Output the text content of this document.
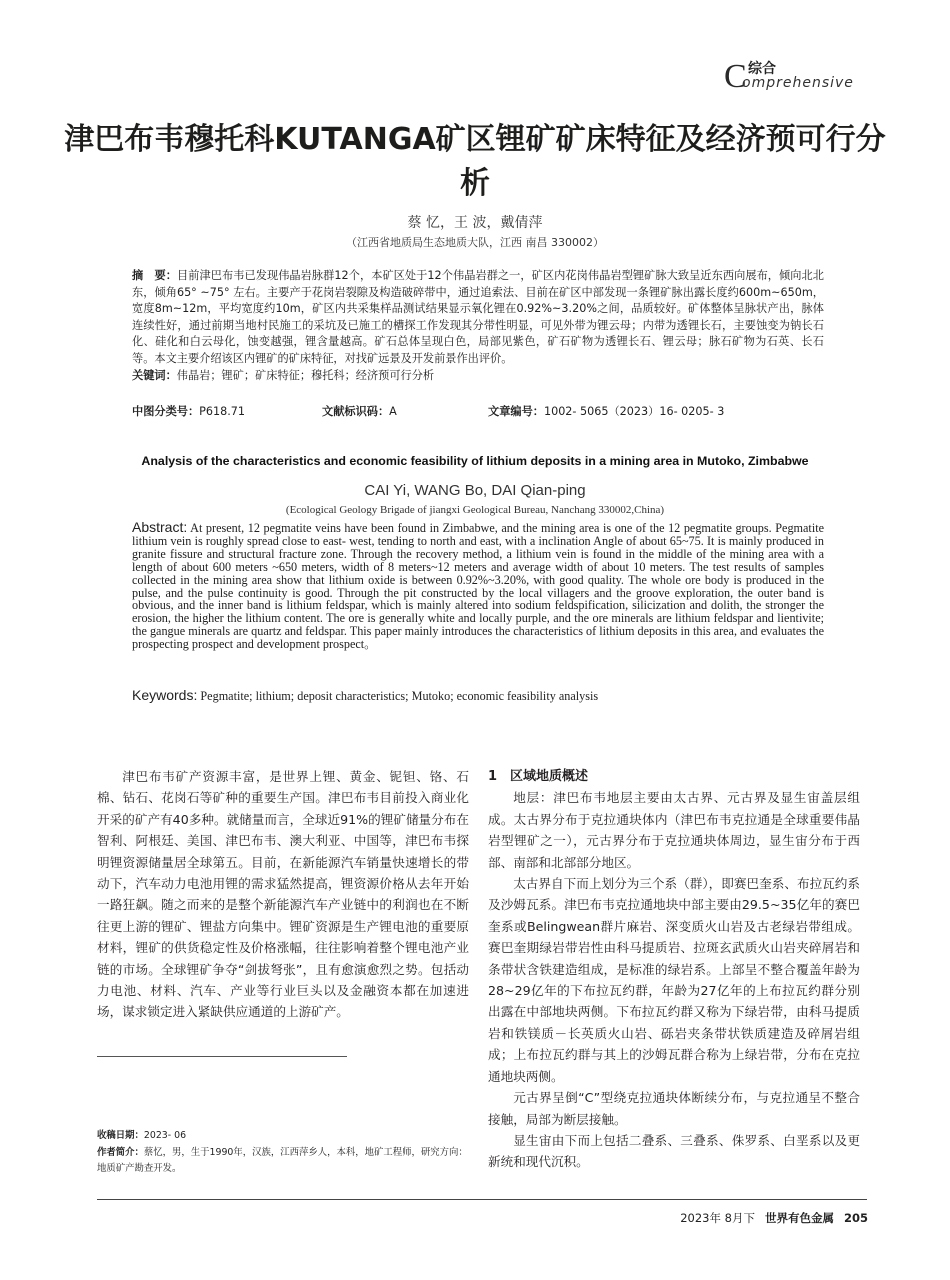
C 综合
omprehensive
津巴布韦穆托科KUTANGA矿区锂矿矿床特征及经济预可行分析
蔡 忆，王 波，戴倩萍
（江西省地质局生态地质大队，江西 南昌 330002）

摘　要：目前津巴布韦已发现伟晶岩脉群12个，本矿区处于12个伟晶岩群之一，矿区内花岗伟晶岩型锂矿脉大致呈近东西向展布，倾向北北东，倾角65° ~75° 左右。主要产于花岗岩裂隙及构造破碎带中，通过追索法、目前在矿区中部发现一条锂矿脉出露长度约600m~650m，宽度8m~12m，平均宽度约10m，矿区内共采集样品测试结果显示氧化锂在0.92%~3.20%之间，品质较好。矿体整体呈脉状产出，脉体连续性好，通过前期当地村民施工的采坑及已施工的槽探工作发现其分带性明显，可见外带为锂云母；内带为透锂长石，主要蚀变为钠长石化、硅化和白云母化，蚀变越强，锂含量越高。矿石总体呈现白色，局部见紫色，矿石矿物为透锂长石、锂云母；脉石矿物为石英、长石等。本文主要介绍该区内锂矿的矿床特征，对找矿远景及开发前景作出评价。

关键词：伟晶岩；锂矿；矿床特征；穆托科；经济预可行分析

中图分类号：P618.71	文献标识码：A	文章编号：1002- 5065（2023）16- 0205- 3
Analysis of the characteristics and economic feasibility of lithium deposits in a mining area in Mutoko, Zimbabwe
CAI Yi, WANG Bo, DAI Qian-ping
(Ecological Geology Brigade of jiangxi Geological Bureau, Nanchang 330002,China)
Abstract: At present, 12 pegmatite veins have been found in Zimbabwe, and the mining area is one of the 12 pegmatite groups. Pegmatite lithium vein is roughly spread close to east- west, tending to north and east, with a inclination Angle of about 65~75. It is mainly produced in granite fissure and structural fracture zone. Through the recovery method, a lithium vein is found in the middle of the mining area with a length of about 600 meters ~650 meters, width of 8 meters~12 meters and average width of about 10 meters. The test results of samples collected in the mining area show that lithium oxide is between 0.92%~3.20%, with good quality. The whole ore body is produced in the pulse, and the pulse continuity is good. Through the pit constructed by the local villagers and the groove exploration, the outer band is obvious, and the inner band is lithium feldspar, which is mainly altered into sodium feldspification, silicization and dolith, the stronger the erosion, the higher the lithium content. The ore is generally white and locally purple, and the ore minerals are lithium feldspar and lientivite; the gangue minerals are quartz and feldspar. This paper mainly introduces the characteristics of lithium deposits in this area, and evaluates the prospecting prospect and development prospect。
Keywords: Pegmatite; lithium; deposit characteristics; Mutoko; economic feasibility analysis

津巴布韦矿产资源丰富，是世界上锂、黄金、铌钽、铬、石棉、钻石、花岗石等矿种的重要生产国。津巴布韦目前投入商业化开采的矿产有40多种。就储量而言，全球近91%的锂矿储量分布在智利、阿根廷、美国、津巴布韦、澳大利亚、中国等，津巴布韦探明锂资源储量居全球第五。目前，在新能源汽车销量快速增长的带动下，汽车动力电池用锂的需求猛然提高，锂资源价格从去年开始一路狂飙。随之而来的是整个新能源汽车产业链中的利润也在不断往更上游的锂矿、锂盐方向集中。锂矿资源是生产锂电池的重要原材料，锂矿的供货稳定性及价格涨幅，往往影响着整个锂电池产业链的市场。全球锂矿争夺“剑拔弩张”，且有愈演愈烈之势。包括动力电池、材料、汽车、产业等行业巨头以及金融资本都在加速进场，谋求锁定进入紧缺供应通道的上游矿产。

收稿日期：2023- 06

作者简介：蔡忆，男，生于1990年，汉族，江西萍乡人，本科，地矿工程师，研究方向：地质矿产勘查开发。

1　区域地质概述

地层：津巴布韦地层主要由太古界、元古界及显生宙盖层组成。太古界分布于克拉通块体内（津巴布韦克拉通是全球重要伟晶岩型锂矿之一），元古界分布于克拉通块体周边，显生宙分布于西部、南部和北部部分地区。

太古界自下而上划分为三个系（群），即赛巴奎系、布拉瓦约系及沙姆瓦系。津巴布韦克拉通地块中部主要由29.5~35亿年的赛巴奎系或Belingwean群片麻岩、深变质火山岩及古老绿岩带组成。赛巴奎期绿岩带岩性由科马提质岩、拉斑玄武质火山岩夹碎屑岩和条带状含铁建造组成，是标准的绿岩系。上部呈不整合覆盖年龄为28~29亿年的下布拉瓦约群，年龄为27亿年的上布拉瓦约群分别出露在中部地块两侧。下布拉瓦约群又称为下绿岩带，由科马提质岩和铁镁质－长英质火山岩、砾岩夹条带状铁质建造及碎屑岩组成；上布拉瓦约群与其上的沙姆瓦群合称为上绿岩带，分布在克拉通地块两侧。

元古界呈倒“C”型绕克拉通块体断续分布，与克拉通呈不整合接触，局部为断层接触。

显生宙由下而上包括二叠系、三叠系、侏罗系、白垩系以及更新统和现代沉积。

2023年 8月下 世界有色金属 205
